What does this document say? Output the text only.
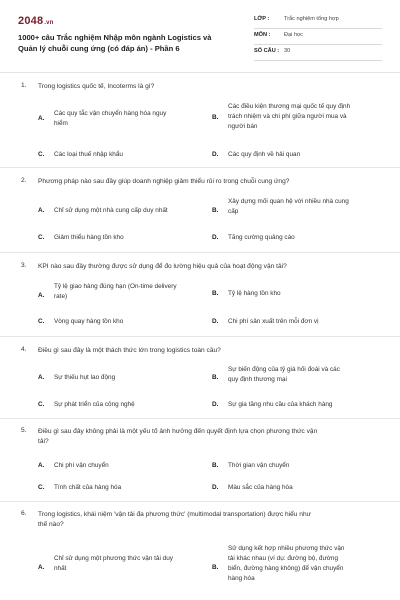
2048.vn
1000+ câu Trắc nghiệm Nhập môn ngành Logistics và
Quản lý chuỗi cung ứng (có đáp án) - Phần 6
LỚP :	Trắc nghiệm tổng hợp
MÔN : Đại học
SỐ CÂU : 30
1. Trong logistics quốc tế, Incoterms là gì?
A.
Các quy tắc vận chuyển hàng hóa nguy
hiểm
B.
Các điều kiện thương mại quốc tế quy định
trách nhiệm và chi phí giữa người mua và
người bán
C. Các loại thuế nhập khẩu	D. Các quy định về hải quan
2. Phương pháp nào sau đây giúp doanh nghiệp giảm thiểu rủi ro trong chuỗi cung ứng?
A. Chỉ sử dụng một nhà cung cấp duy nhất	B.
Xây dựng mối quan hệ với nhiều nhà cung
cấp
C. Giảm thiểu hàng tồn kho	D. Tăng cường quảng cáo
3. KPI nào sau đây thường được sử dụng để đo lường hiệu quả của hoạt động vận tải?
A.
Tỷ lệ giao hàng đúng hạn (On-time delivery
rate)	B. Tỷ lệ hàng tồn kho
C. Vòng quay hàng tồn kho	D. Chi phí sản xuất trên mỗi đơn vị
4. Điều gì sau đây là một thách thức lớn trong logistics toàn cầu?
A. Sự thiếu hụt lao động	B.
Sự biến động của tỷ giá hối đoái và các
quy định thương mại
C. Sự phát triển của công nghệ	D. Sự gia tăng nhu cầu của khách hàng
5. Điều gì sau đây không phải là một yếu tố ảnh hưởng đến quyết định lựa chọn phương thức vận
tải?
A. Chi phí vận chuyển	B. Thời gian vận chuyển
C. Tính chất của hàng hóa	D. Màu sắc của hàng hóa
6. Trong logistics, khái niệm 'vận tải đa phương thức' (multimodal transportation) được hiểu như
thế nào?
A.
Chỉ sử dụng một phương thức vận tải duy
nhất	B.
Sử dụng kết hợp nhiều phương thức vận
tải khác nhau (ví dụ: đường bộ, đường
biển, đường hàng không) để vận chuyển
hàng hóa
